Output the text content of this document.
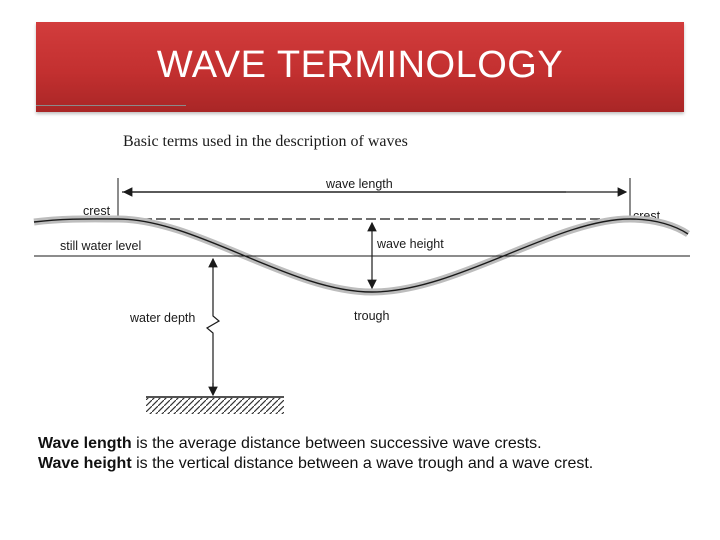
WAVE TERMINOLOGY
Basic terms used in the description of waves
wave length
crest	crest
still water level	wave height
trough
water depth
Wave length is the average distance between successive wave crests.
Wave height is the vertical distance between a wave trough and a wave crest.
